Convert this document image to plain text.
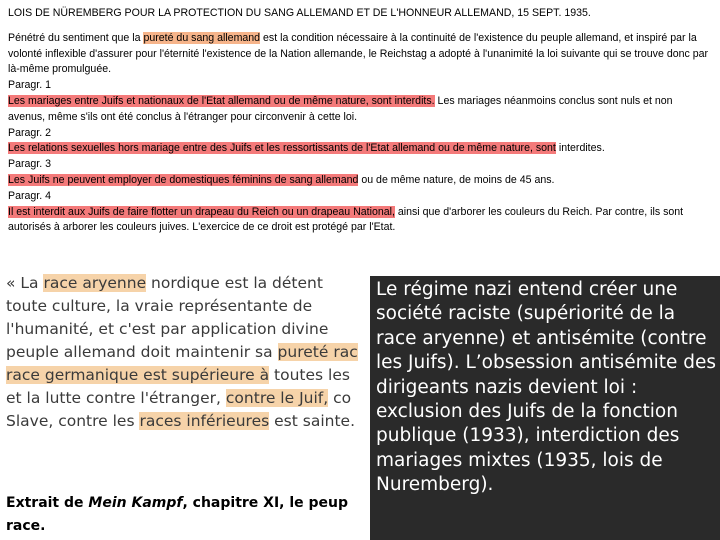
LOIS DE NÜREMBERG POUR LA PROTECTION DU SANG ALLEMAND ET DE L'HONNEUR ALLEMAND, 15 SEPT. 1935.

Pénétré du sentiment que la pureté du sang allemand est la condition nécessaire à la continuité de l'existence du peuple allemand, et inspiré par la volonté inflexible d'assurer pour l'éternité l'existence de la Nation allemande, le Reichstag a adopté à l'unanimité la loi suivante qui se trouve donc par là-même promulguée.

Paragr. 1

Les mariages entre Juifs et nationaux de l'Etat allemand ou de même nature, sont interdits. Les mariages néanmoins conclus sont nuls et non avenus, même s'ils ont été conclus à l'étranger pour circonvenir à cette loi.

Paragr. 2

Les relations sexuelles hors mariage entre des Juifs et les ressortissants de l'Etat allemand ou de même nature, sont interdites.

Paragr. 3

Les Juifs ne peuvent employer de domestiques féminins de sang allemand ou de même nature, de moins de 45 ans.

Paragr. 4

Il est interdit aux Juifs de faire flotter un drapeau du Reich ou un drapeau National, ainsi que d'arborer les couleurs du Reich. Par contre, ils sont autorisés à arborer les couleurs juives. L'exercice de ce droit est protégé par l'Etat.

« La race aryenne nordique est la détent
toute culture, la vraie représentante de
l'humanité, et c'est par application divine
peuple allemand doit maintenir sa pureté rac
race germanique est supérieure à toutes les
et la lutte contre l'étranger, contre le Juif, co
Slave, contre les races inférieures est sainte.
Extrait de Mein Kampf, chapitre XI, le peup
race.

Le régime nazi entend créer une société raciste (supériorité de la race aryenne) et antisémite (contre les Juifs). L’obsession antisémite des dirigeants nazis devient loi : exclusion des Juifs de la fonction publique (1933), interdiction des mariages mixtes (1935, lois de Nuremberg).
